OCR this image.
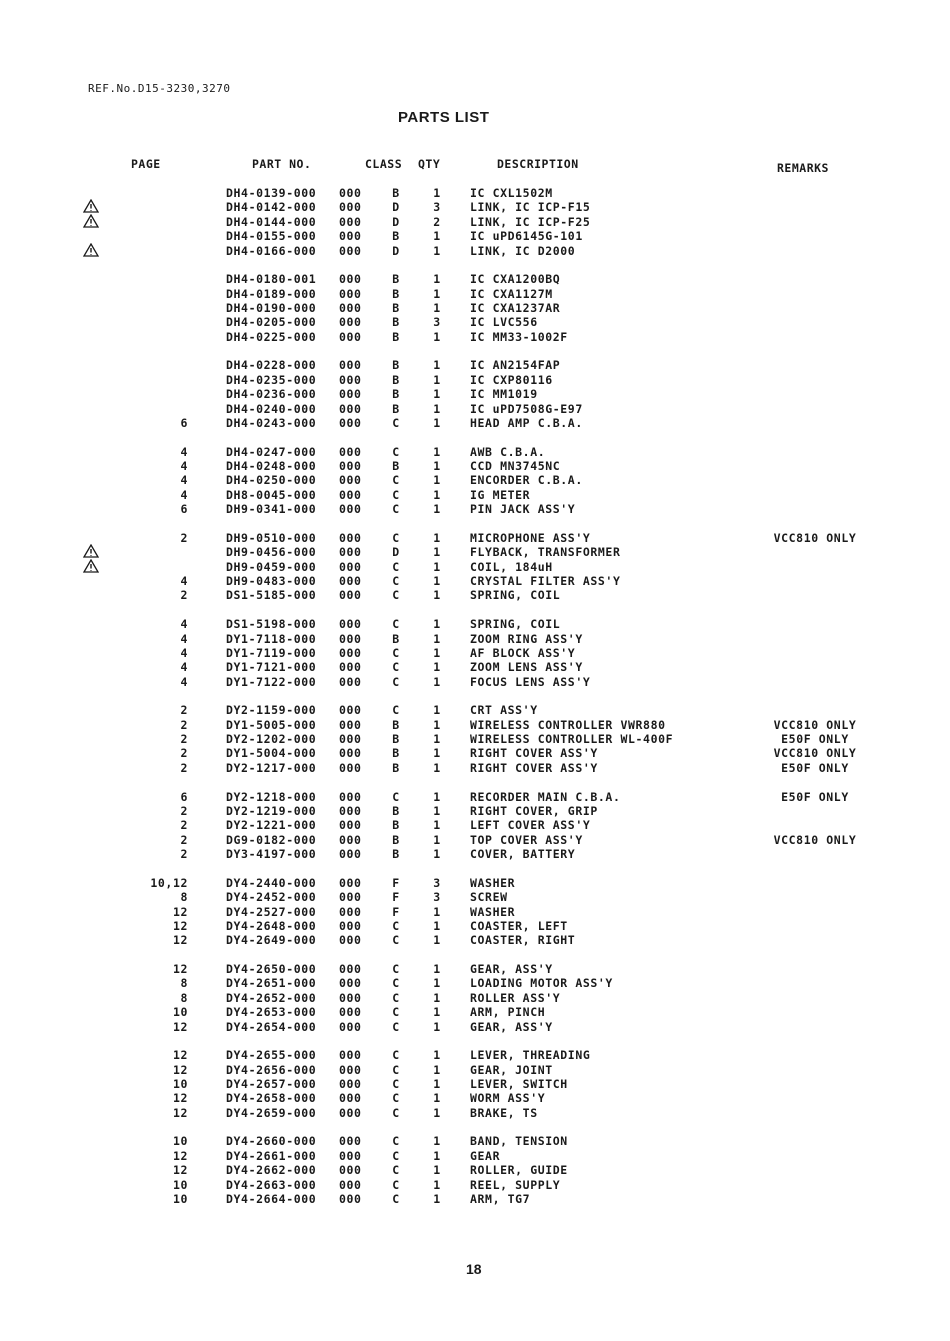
REF.No.D15-3230,3270
PARTS LIST
PAGE	PART NO.	CLASS QTY	DESCRIPTION	REMARKS
DH4-0139-000 000	B	1	IC CXL1502M
DH4-0142-000 000	D	3	LINK, IC ICP-F15
DH4-0144-000 000	D	2	LINK, IC ICP-F25
DH4-0155-000 000	B	1	IC uPD6145G-101
DH4-0166-000 000	D	1	LINK, IC D2000
DH4-0180-001 000	B	1	IC CXA1200BQ
DH4-0189-000 000	B	1	IC CXA1127M
DH4-0190-000 000	B	1	IC CXA1237AR
DH4-0205-000 000	B	3	IC LVC556
DH4-0225-000 000	B	1	IC MM33-1002F
DH4-0228-000 000	B	1	IC AN2154FAP
DH4-0235-000 000	B	1	IC CXP80116
DH4-0236-000 000	B	1	IC MM1019
DH4-0240-000 000	B	1	IC uPD7508G-E97
6	DH4-0243-000 000	C	1	HEAD AMP C.B.A.
4	DH4-0247-000 000	C	1	AWB C.B.A.
4	DH4-0248-000 000	B	1	CCD MN3745NC
4	DH4-0250-000 000	C	1	ENCORDER C.B.A.
4	DH8-0045-000 000	C	1	IG METER
6	DH9-0341-000 000	C	1	PIN JACK ASS'Y
2	DH9-0510-000 000	C	1	MICROPHONE ASS'Y	VCC810 ONLY
DH9-0456-000 000	D	1	FLYBACK, TRANSFORMER
DH9-0459-000 000	C	1	COIL, 184uH
4	DH9-0483-000 000	C	1	CRYSTAL FILTER ASS'Y
2	DS1-5185-000 000	C	1	SPRING, COIL
4	DS1-5198-000 000	C	1	SPRING, COIL
4	DY1-7118-000 000	B	1	ZOOM RING ASS'Y
4	DY1-7119-000 000	C	1	AF BLOCK ASS'Y
4	DY1-7121-000 000	C	1	ZOOM LENS ASS'Y
4	DY1-7122-000 000	C	1	FOCUS LENS ASS'Y
2	DY2-1159-000 000	C	1	CRT ASS'Y
2	DY1-5005-000 000	B	1	WIRELESS CONTROLLER VWR880	VCC810 ONLY
2	DY2-1202-000 000	B	1	WIRELESS CONTROLLER WL-400F	E50F ONLY
2	DY1-5004-000 000	B	1	RIGHT COVER ASS'Y	VCC810 ONLY
2	DY2-1217-000 000	B	1	RIGHT COVER ASS'Y	E50F ONLY
6	DY2-1218-000 000	C	1	RECORDER MAIN C.B.A.	E50F ONLY
2	DY2-1219-000 000	B	1	RIGHT COVER, GRIP
2	DY2-1221-000 000	B	1	LEFT COVER ASS'Y
2	DG9-0182-000 000	B	1	TOP COVER ASS'Y	VCC810 ONLY
2	DY3-4197-000 000	B	1	COVER, BATTERY
10,12	DY4-2440-000 000	F	3	WASHER
8	DY4-2452-000 000	F	3	SCREW
12	DY4-2527-000 000	F	1	WASHER
12	DY4-2648-000 000	C	1	COASTER, LEFT
12	DY4-2649-000 000	C	1	COASTER, RIGHT
12	DY4-2650-000 000	C	1	GEAR, ASS'Y
8	DY4-2651-000 000	C	1	LOADING MOTOR ASS'Y
8	DY4-2652-000 000	C	1	ROLLER ASS'Y
10	DY4-2653-000 000	C	1	ARM, PINCH
12	DY4-2654-000 000	C	1	GEAR, ASS'Y
12	DY4-2655-000 000	C	1	LEVER, THREADING
12	DY4-2656-000 000	C	1	GEAR, JOINT
10	DY4-2657-000 000	C	1	LEVER, SWITCH
12	DY4-2658-000 000	C	1	WORM ASS'Y
12	DY4-2659-000 000	C	1	BRAKE, TS
10	DY4-2660-000 000	C	1	BAND, TENSION
12	DY4-2661-000 000	C	1	GEAR
12	DY4-2662-000 000	C	1	ROLLER, GUIDE
10	DY4-2663-000 000	C	1	REEL, SUPPLY
10	DY4-2664-000 000	C	1	ARM, TG7
18
